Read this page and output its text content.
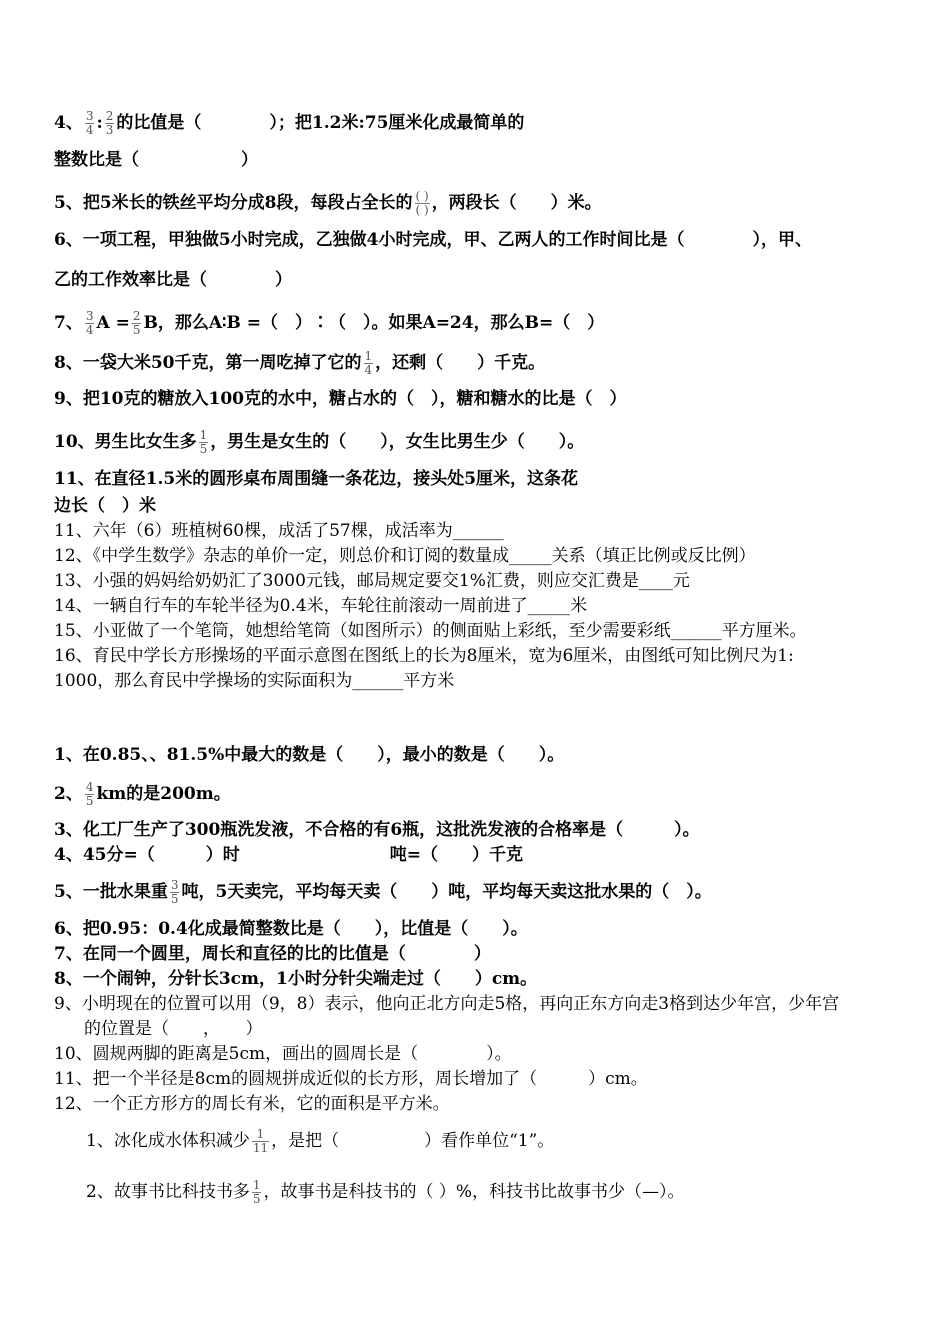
4、 $\frac{3}{4}$ : $\frac{2}{3}$ 的比值是（　　　　）；把1.2米:75厘米化成最简单的
整数比是（　　　　　　）
5、把5米长的铁丝平均分成8段，每段占全长的 $\frac{( )}{( )}$ ，两段长（　　）米。
6、一项工程，甲独做5小时完成，乙独做4小时完成，甲、乙两人的工作时间比是（　　　　），甲、
乙的工作效率比是（　　　　）
7、 $\frac{3}{4}$ $A = \frac{2}{5}$ B，那么A∶B =（　）∶（　）。如果A=24，那么B=（　）
8、一袋大米50千克，第一周吃掉了它的 $\frac{1}{4}$ ，还剩（　　）千克。
9、把10克的糖放入100克的水中，糖占水的（　），糖和糖水的比是（　）
10、男生比女生多 $\frac{1}{5}$ ，男生是女生的（　　），女生比男生少（　　）。
11、在直径1.5米的圆形桌布周围缝一条花边，接头处5厘米，这条花
边长（　）米
11、六年（6）班植树60棵，成活了57棵，成活率为______
12、《中学生数学》杂志的单价一定，则总价和订阅的数量成_____关系（填正比例或反比例）
13、小强的妈妈给奶奶汇了3000元钱，邮局规定要交1%汇费，则应交汇费是____元
14、一辆自行车的车轮半径为0.4米，车轮往前滚动一周前进了_____米
15、小亚做了一个笔筒，她想给笔筒（如图所示）的侧面贴上彩纸，至少需要彩纸______平方厘米。
16、育民中学长方形操场的平面示意图在图纸上的长为8厘米，宽为6厘米，由图纸可知比例尺为1:
1000，那么育民中学操场的实际面积为______平方米
1、在0.85、、81.5%中最大的数是（　　），最小的数是（　　）。
2、 $\frac{4}{5}$ km的是200m。
3、化工厂生产了300瓶洗发液，不合格的有6瓶，这批洗发液的合格率是（　　　）。
4、45分=（　　　）时	吨=（　　）千克
5、一批水果重 $\frac{3}{5}$ 吨，5天卖完，平均每天卖（　　）吨，平均每天卖这批水果的（　）。
6、把0.95：0.4化成最简整数比是（　　），比值是（　　）。
7、在同一个圆里，周长和直径的比的比值是（　　　　）
8、一个闹钟，分针长3cm，1小时分针尖端走过（　　）cm。
9、小明现在的位置可以用（9，8）表示，他向正北方向走5格，再向正东方向走3格到达少年宫，少年宫
的位置是（　　，　　）
10、圆规两脚的距离是5cm，画出的圆周长是（　　　　）。
11、把一个半径是8cm的圆规拼成近似的长方形，周长增加了（　　　）cm。
12、一个正方形方的周长有米，它的面积是平方米。
1、冰化成水体积减少 $\frac{1}{11}$ ，是把（　　　　　）看作单位“1”。
2、故事书比科技书多 $\frac{1}{5}$ ，故事书是科技书的（ ）%，科技书比故事书少（—）。
